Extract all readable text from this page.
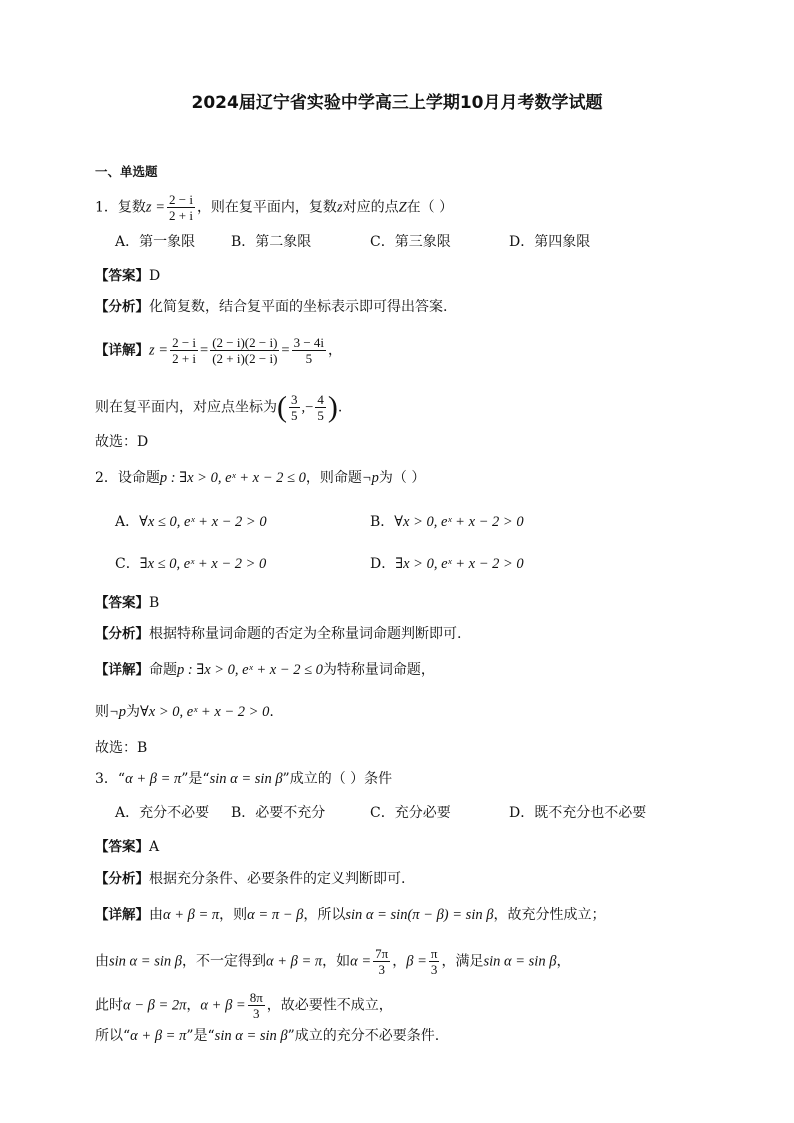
2024届辽宁省实验中学高三上学期10月月考数学试题
一、单选题
1．复数$z = \frac{2 - i}{2 + i}$ ，则在复平面内，复数z对应的点Z在（ ）
A．第一象限	B．第二象限	C．第三象限	D．第四象限
【答案】D
【分析】化简复数，结合复平面的坐标表示即可得出答案.
【详解】$z = \frac{2 - i}{2 + i} = \frac{(2 - i)(2 - i)}{(2 + i)(2 - i)} = \frac{3 - 4i}{5}$ ，
则在复平面内，对应点坐标为( $\frac{3}{5}$ ,− $\frac{4}{5}$ ).
故选：D
2．设命题p : ∃x > 0, eˣ + x − 2 ≤ 0，则命题¬p为（ ）
A．∀x ≤ 0, eˣ + x − 2 > 0	B．∀x > 0, eˣ + x − 2 > 0
C．∃x ≤ 0, eˣ + x − 2 > 0	D．∃x > 0, eˣ + x − 2 > 0
【答案】B
【分析】根据特称量词命题的否定为全称量词命题判断即可.
【详解】命题p : ∃x > 0, eˣ + x − 2 ≤ 0为特称量词命题，
则¬p为∀x > 0, eˣ + x − 2 > 0.
故选：B
3．“α + β = π”是“sin α = sin β”成立的（ ）条件
A．充分不必要 B．必要不充分	C．充分必要	D．既不充分也不必要
【答案】A
【分析】根据充分条件、必要条件的定义判断即可.
【详解】由α + β = π，则α = π − β，所以sin α = sin(π − β) = sin β，故充分性成立；
由sin α = sin β，不一定得到α + β = π，如$\alpha = \frac{7\pi}{3}$ ，$\beta = \frac{\pi}{3}$ ，满足sin α = sin β，
此时α − β = 2π，$\alpha + \beta = \frac{8\pi}{3}$ ，故必要性不成立，
所以“α + β = π”是“sin α = sin β”成立的充分不必要条件.
